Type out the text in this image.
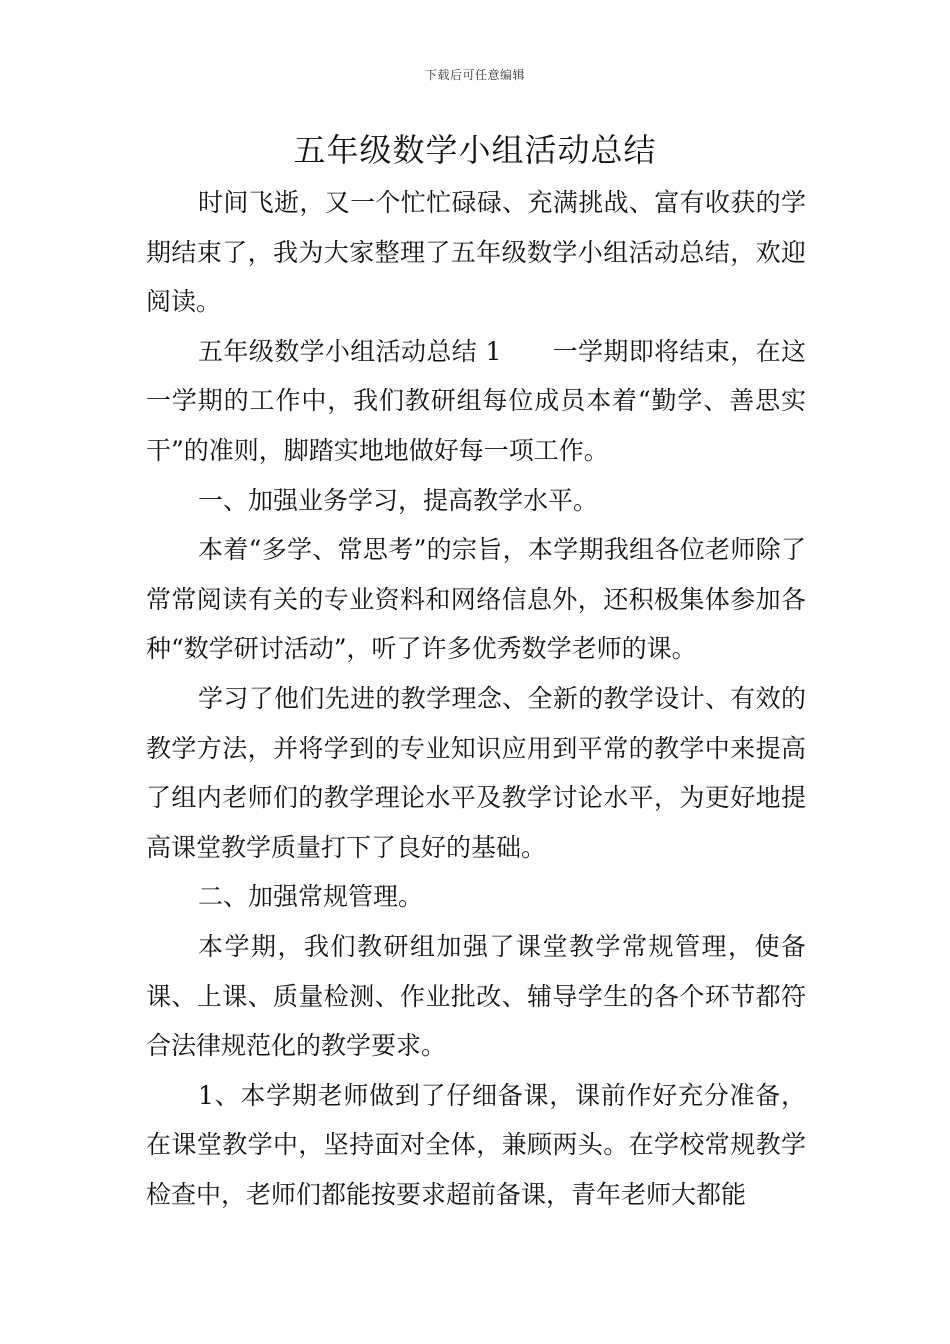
下载后可任意编辑
五年级数学小组活动总结

时间飞逝，又一个忙忙碌碌、充满挑战、富有收获的学期结束了，我为大家整理了五年级数学小组活动总结，欢迎阅读。

五年级数学小组活动总结 1　　一学期即将结束，在这一学期的工作中，我们教研组每位成员本着“勤学、善思实干”的准则，脚踏实地地做好每一项工作。

一、加强业务学习，提高教学水平。

本着“多学、常思考”的宗旨，本学期我组各位老师除了常常阅读有关的专业资料和网络信息外，还积极集体参加各种“数学研讨活动”，听了许多优秀数学老师的课。

学习了他们先进的教学理念、全新的教学设计、有效的教学方法，并将学到的专业知识应用到平常的教学中来提高了组内老师们的教学理论水平及教学讨论水平，为更好地提高课堂教学质量打下了良好的基础。

二、加强常规管理。

本学期，我们教研组加强了课堂教学常规管理，使备课、上课、质量检测、作业批改、辅导学生的各个环节都符合法律规范化的教学要求。

1、本学期老师做到了仔细备课，课前作好充分准备，在课堂教学中，坚持面对全体，兼顾两头。在学校常规教学检查中，老师们都能按要求超前备课，青年老师大都能
